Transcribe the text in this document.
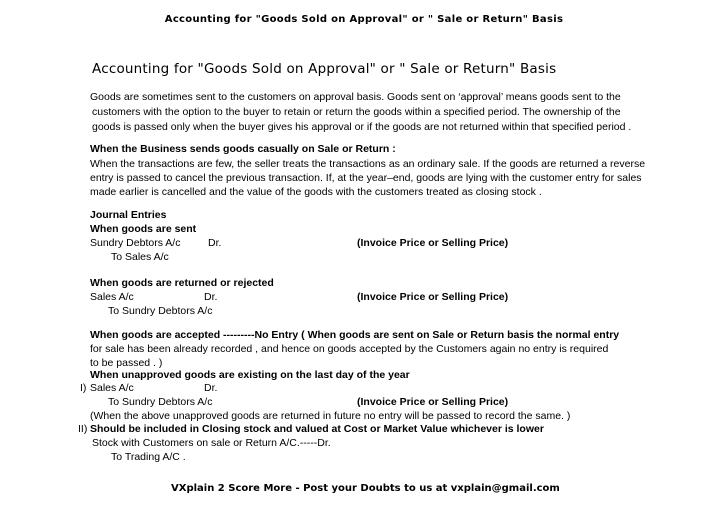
Accounting for "Goods Sold on Approval" or " Sale or Return" Basis
Accounting for "Goods Sold on Approval" or " Sale or Return" Basis
Goods are sometimes sent to the customers on approval basis. Goods sent on ‘approval’ means goods sent to the
customers with the option to the buyer to retain or return the goods within a specified period. The ownership of the
goods is passed only when the buyer gives his approval or if the goods are not returned within that specified period .
When the Business sends goods casually on Sale or Return :
When the transactions are few, the seller treats the transactions as an ordinary sale. If the goods are returned a reverse
entry is passed to cancel the previous transaction. If, at the year–end, goods are lying with the customer entry for sales
made earlier is cancelled and the value of the goods with the customers treated as closing stock .
Journal Entries
When goods are sent
Sundry Debtors A/c	Dr.	(Invoice Price or Selling Price)
To Sales A/c
When goods are returned or rejected
Sales A/c	Dr.	(Invoice Price or Selling Price)
To Sundry Debtors A/c
When goods are accepted ---------No Entry ( When goods are sent on Sale or Return basis the normal entry
for sale has been already recorded , and hence on goods accepted by the Customers again no entry is required
to be passed . )
When unapproved goods are existing on the last day of the year
I) Sales A/c	Dr.
To Sundry Debtors A/c	(Invoice Price or Selling Price)
(When the above unapproved goods are returned in future no entry will be passed to record the same. )
II) Should be included in Closing stock and valued at Cost or Market Value whichever is lower
Stock with Customers on sale or Return A/C.-----Dr.
To Trading A/C .
VXplain 2 Score More - Post your Doubts to us at vxplain@gmail.com
